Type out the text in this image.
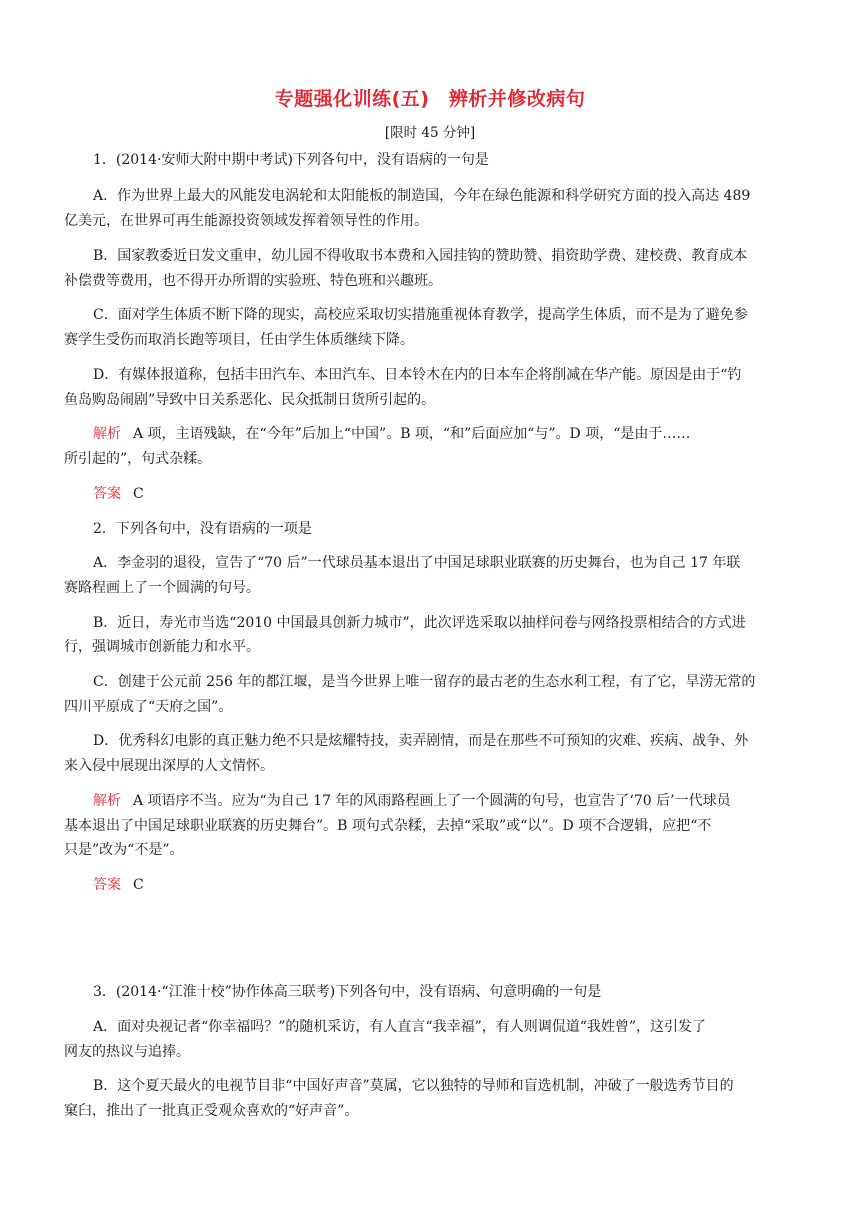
专题强化训练(五)　辨析并修改病句
[限时 45 分钟]
1．(2014·安师大附中期中考试)下列各句中，没有语病的一句是
A．作为世界上最大的风能发电涡轮和太阳能板的制造国，今年在绿色能源和科学研究方面的投入高达 489
亿美元，在世界可再生能源投资领域发挥着领导性的作用。
B．国家教委近日发文重申，幼儿园不得收取书本费和入园挂钩的赞助赞、捐资助学费、建校费、教育成本
补偿费等费用，也不得开办所谓的实验班、特色班和兴趣班。
C．面对学生体质不断下降的现实，高校应采取切实措施重视体育教学，提高学生体质，而不是为了避免参
赛学生受伤而取消长跑等项目，任由学生体质继续下降。
D．有媒体报道称，包括丰田汽车、本田汽车、日本铃木在内的日本车企将削减在华产能。原因是由于“钓
鱼岛购岛闹剧”导致中日关系恶化、民众抵制日货所引起的。
解析 A 项，主语残缺，在“今年”后加上“中国”。B 项，“和”后面应加“与”。D 项，“是由于……
所引起的”，句式杂糅。
答案 C
2．下列各句中，没有语病的一项是
A．李金羽的退役，宣告了“70 后”一代球员基本退出了中国足球职业联赛的历史舞台，也为自己 17 年联
赛路程画上了一个圆满的句号。
B．近日，寿光市当选“2010 中国最具创新力城市”，此次评选采取以抽样问卷与网络投票相结合的方式进
行，强调城市创新能力和水平。
C．创建于公元前 256 年的都江堰，是当今世界上唯一留存的最古老的生态水利工程，有了它，旱涝无常的
四川平原成了“天府之国”。
D．优秀科幻电影的真正魅力绝不只是炫耀特技，卖弄剧情，而是在那些不可预知的灾难、疾病、战争、外
来入侵中展现出深厚的人文情怀。
解析 A 项语序不当。应为“为自己 17 年的风雨路程画上了一个圆满的句号，也宣告了‘70 后’一代球员
基本退出了中国足球职业联赛的历史舞台”。B 项句式杂糅，去掉“采取”或“以”。D 项不合逻辑，应把“不
只是”改为“不是”。
答案 C
3．(2014·“江淮十校”协作体高三联考)下列各句中，没有语病、句意明确的一句是
A．面对央视记者“你幸福吗？”的随机采访，有人直言“我幸福”，有人则调侃道“我姓曾”，这引发了
网友的热议与追捧。
B．这个夏天最火的电视节目非“中国好声音”莫属，它以独特的导师和盲选机制，冲破了一般选秀节目的
窠臼，推出了一批真正受观众喜欢的“好声音”。
